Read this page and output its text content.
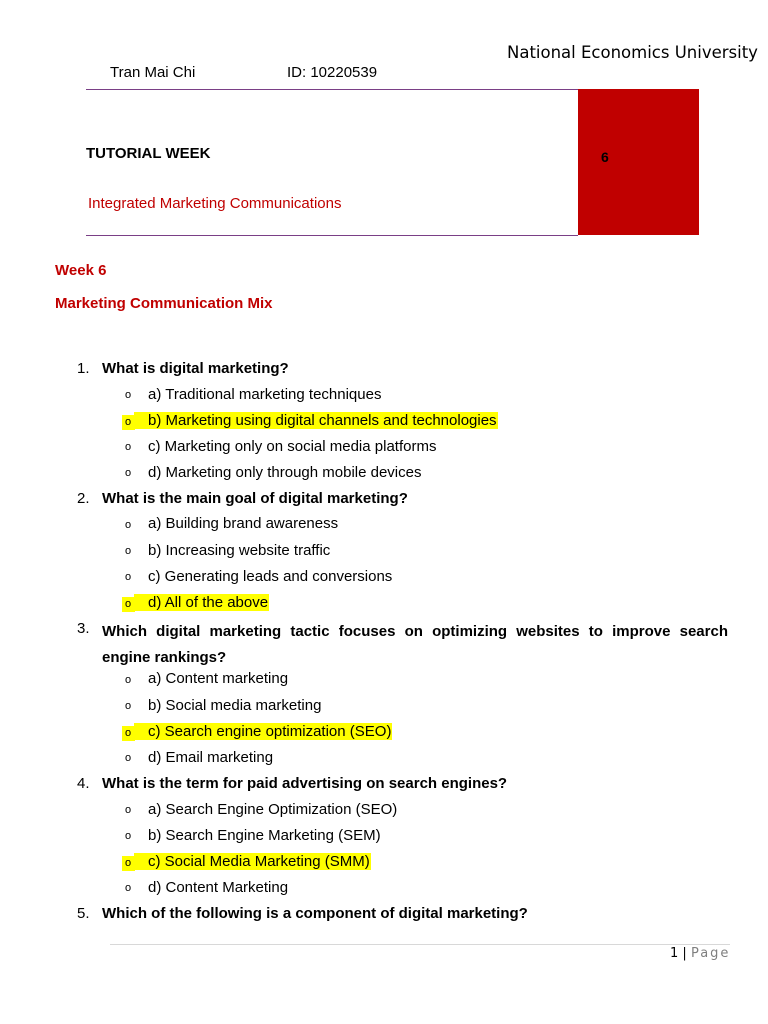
National Economics University
Tran Mai Chi	ID: 10220539
6
TUTORIAL WEEK
Integrated Marketing Communications
Week 6
Marketing Communication Mix
1. What is digital marketing?
o a) Traditional marketing techniques
o	b) Marketing using digital channels and technologies
o c) Marketing only on social media platforms
o d) Marketing only through mobile devices
2. What is the main goal of digital marketing?
o a) Building brand awareness
o b) Increasing website traffic
o c) Generating leads and conversions
o	d) All of the above
3. Which digital marketing tactic focuses on optimizing websites to improve search engine rankings?
o a) Content marketing
o b) Social media marketing
o	c) Search engine optimization (SEO)
o d) Email marketing
4. What is the term for paid advertising on search engines?
o a) Search Engine Optimization (SEO)
o b) Search Engine Marketing (SEM)
o	c) Social Media Marketing (SMM)
o d) Content Marketing
5. Which of the following is a component of digital marketing?
1 | Page
